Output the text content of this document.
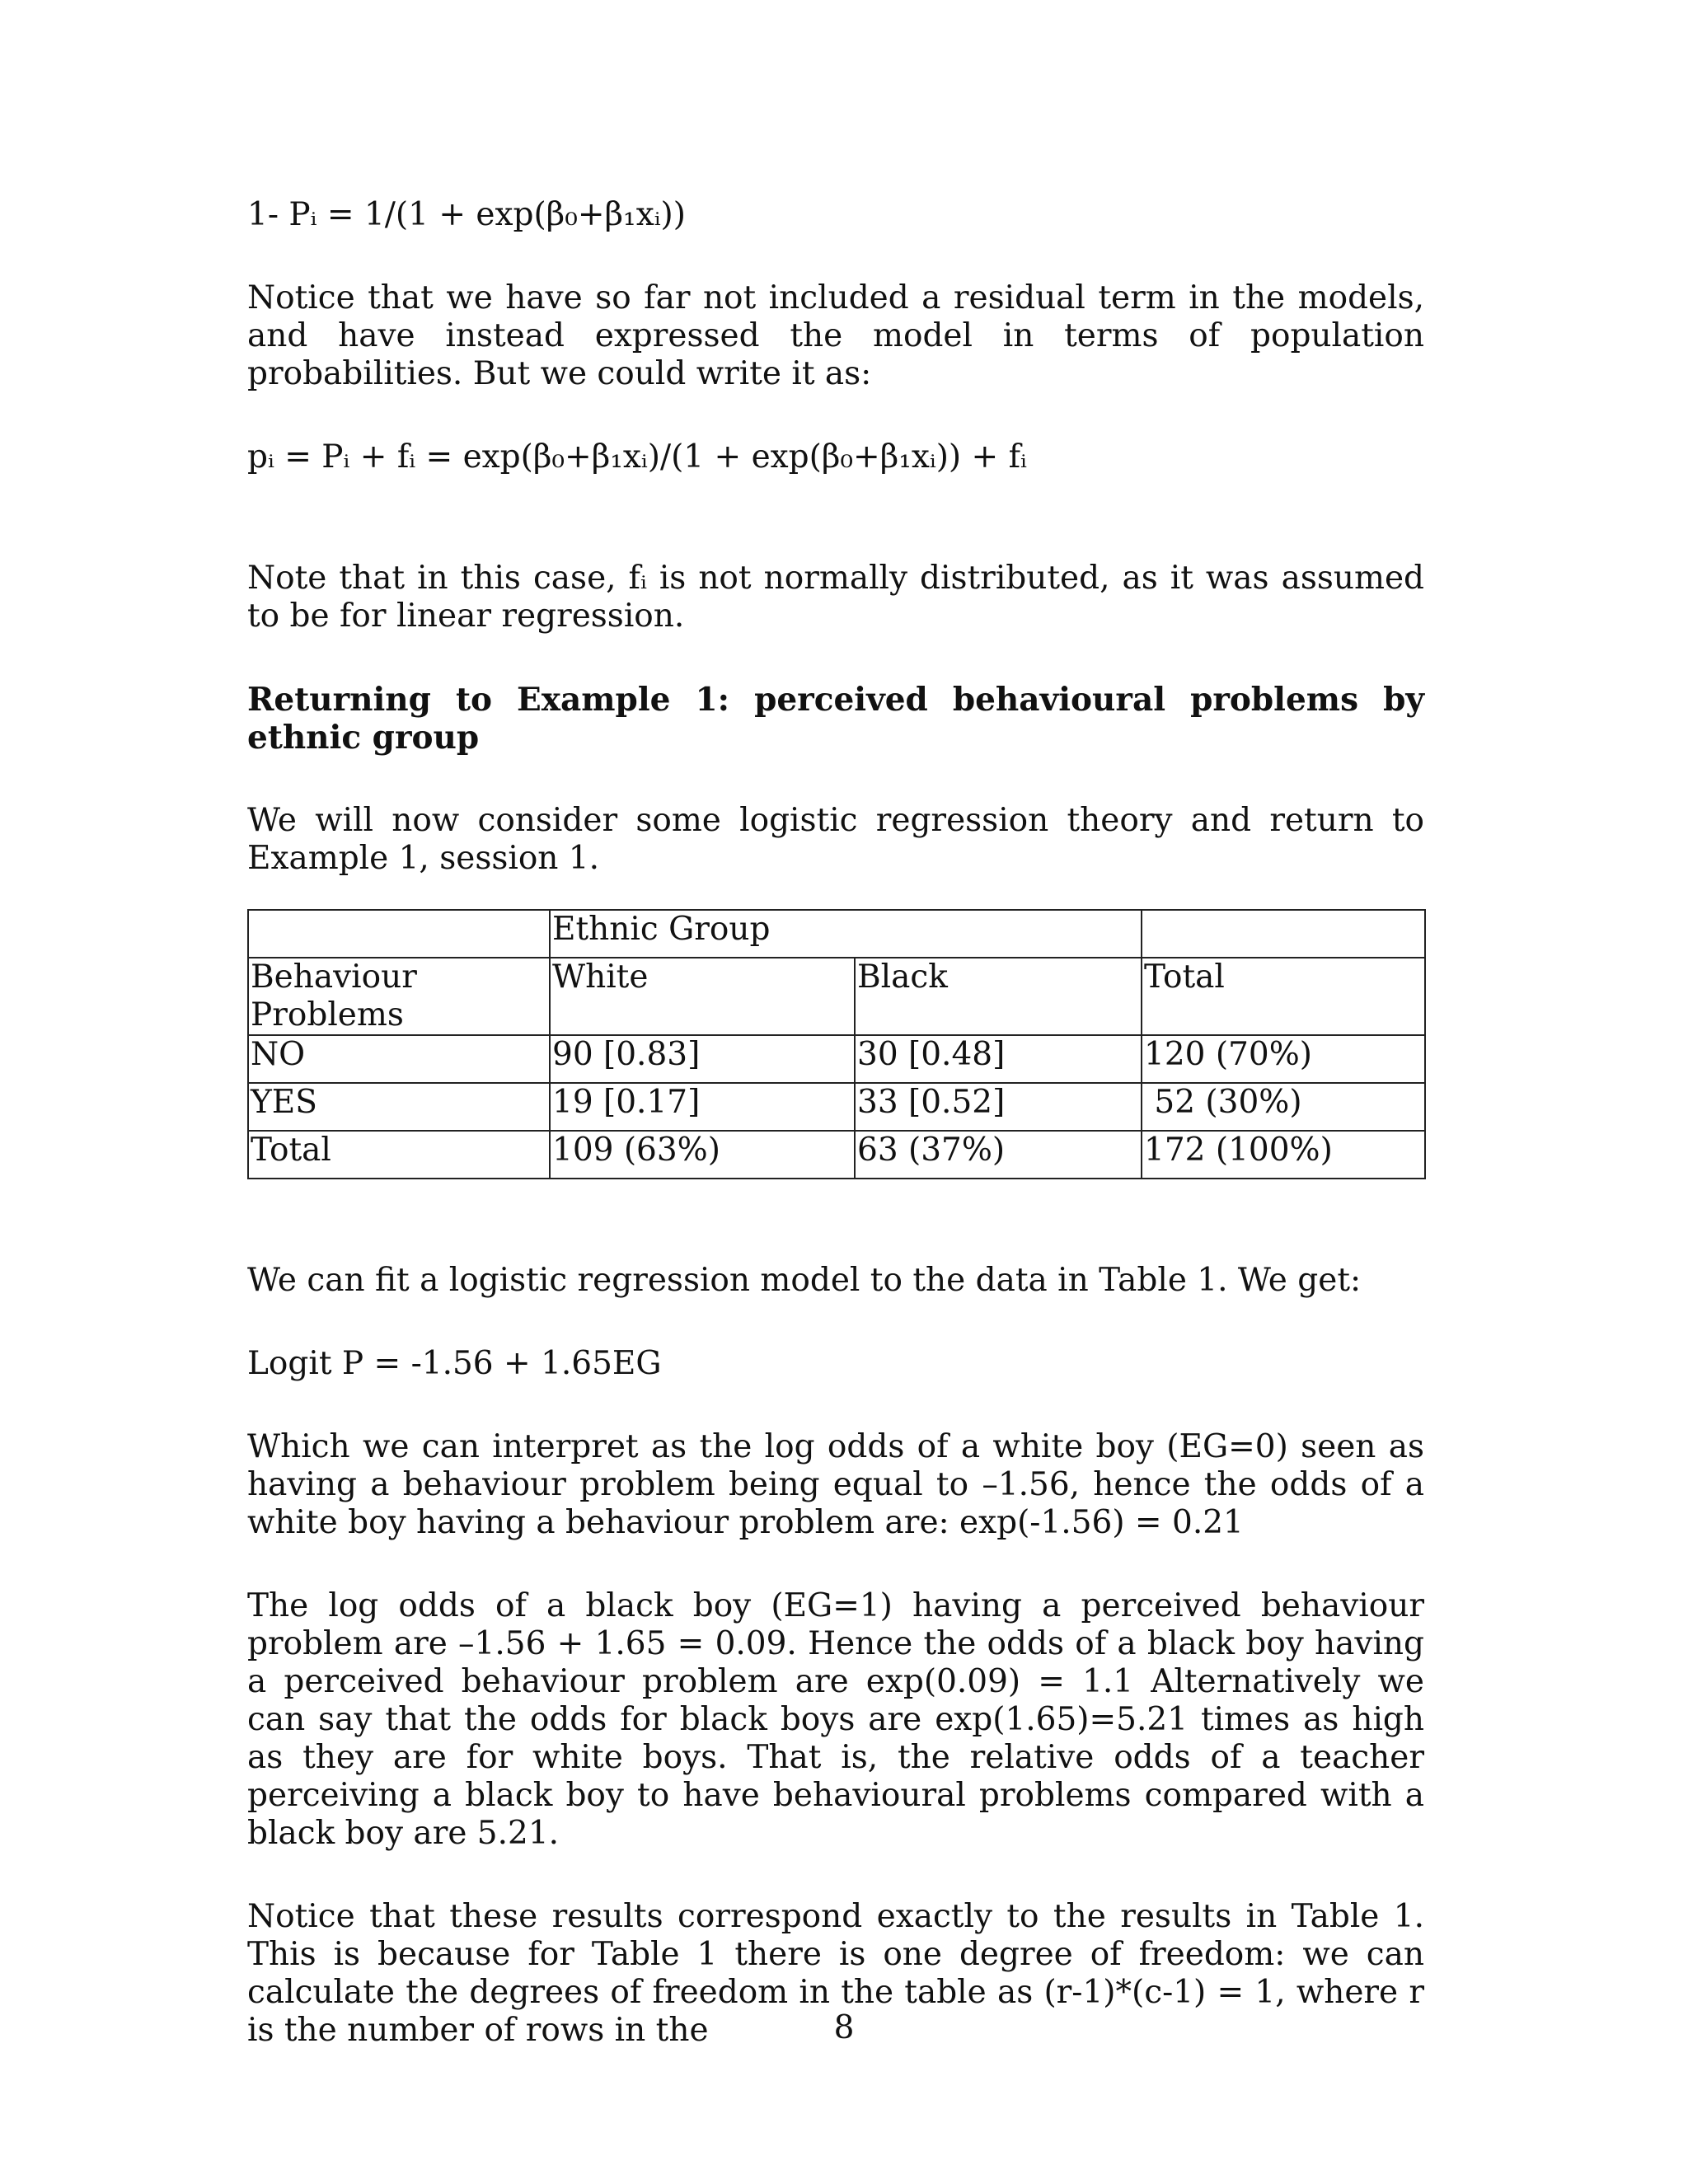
1- Pᵢ = 1/(1 + exp(β₀+β₁xᵢ))

Notice that we have so far not included a residual term in the models, and have instead expressed the model in terms of population probabilities. But we could write it as:

pᵢ = Pᵢ + fᵢ = exp(β₀+β₁xᵢ)/(1 + exp(β₀+β₁xᵢ)) + fᵢ

Note that in this case, fᵢ is not normally distributed, as it was assumed to be for linear regression.

Returning to Example 1: perceived behavioural problems by ethnic group

We will now consider some logistic regression theory and return to Example 1, session 1.

	Ethnic Group		
Behaviour Problems	White	Black	Total
NO	90 [0.83]	30 [0.48]	120 (70%)
YES	19 [0.17]	33 [0.52]	52 (30%)
Total	109 (63%)	63 (37%)	172 (100%)

We can fit a logistic regression model to the data in Table 1. We get:

Logit P = -1.56 + 1.65EG

Which we can interpret as the log odds of a white boy (EG=0) seen as having a behaviour problem being equal to –1.56, hence the odds of a white boy having a behaviour problem are: exp(-1.56) = 0.21

The log odds of a black boy (EG=1) having a perceived behaviour problem are –1.56 + 1.65 = 0.09. Hence the odds of a black boy having a perceived behaviour problem are exp(0.09) = 1.1 Alternatively we can say that the odds for black boys are exp(1.65)=5.21 times as high as they are for white boys. That is, the relative odds of a teacher perceiving a black boy to have behavioural problems compared with a black boy are 5.21.

Notice that these results correspond exactly to the results in Table 1. This is because for Table 1 there is one degree of freedom: we can calculate the degrees of freedom in the table as (r-1)*(c-1) = 1, where r is the number of rows in the	8
